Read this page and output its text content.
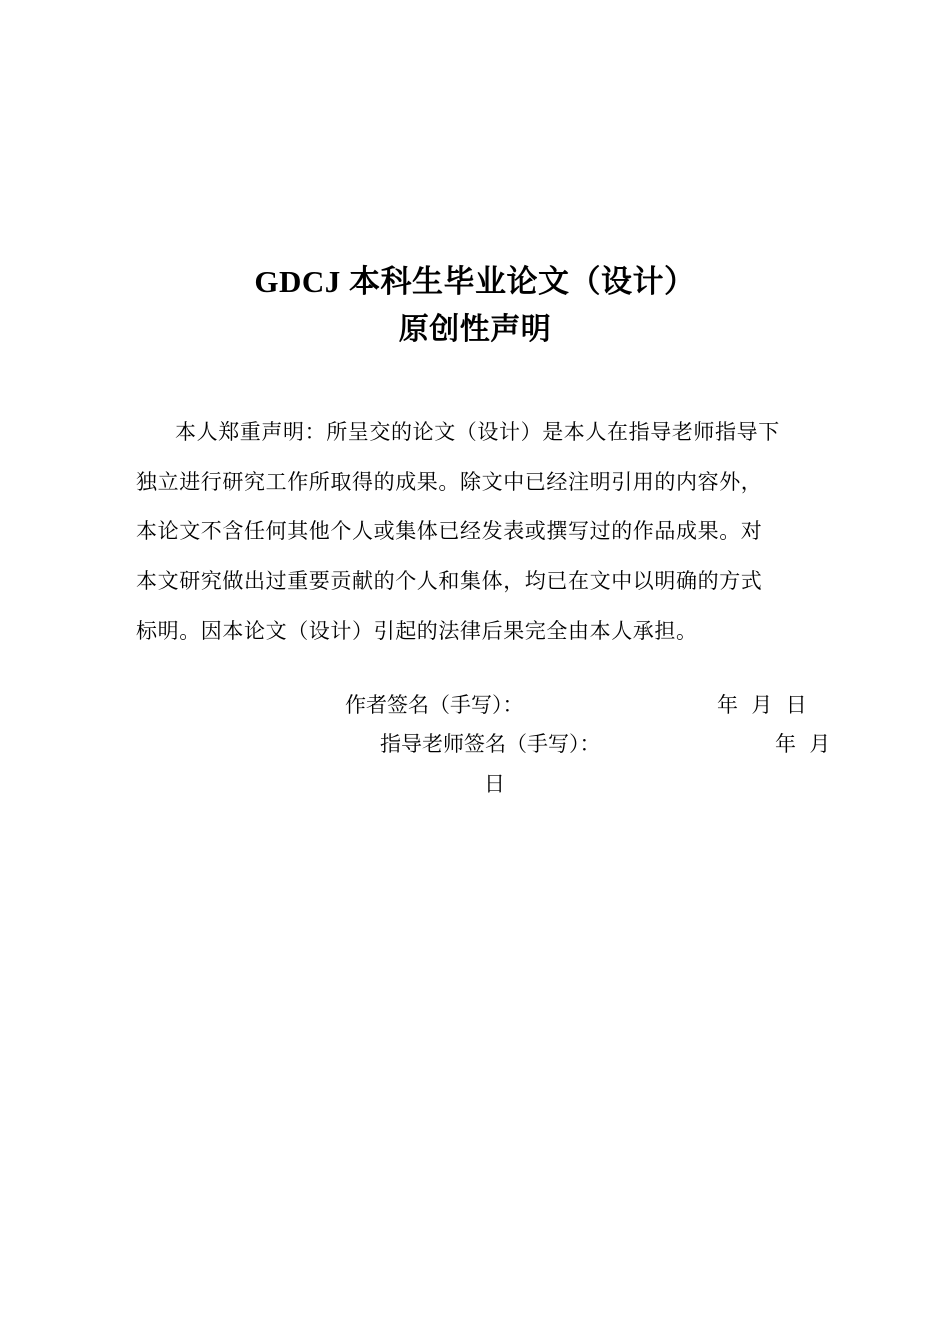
GDCJ 本科生毕业论文（设计）
原创性声明
本人郑重声明：所呈交的论文（设计）是本人在指导老师指导下
独立进行研究工作所取得的成果。除文中已经注明引用的内容外，
本论文不含任何其他个人或集体已经发表或撰写过的作品成果。对
本文研究做出过重要贡献的个人和集体，均已在文中以明确的方式
标明。因本论文（设计）引起的法律后果完全由本人承担。
作者签名（手写）：	年  月  日
指导老师签名（手写）：	年  月
日
